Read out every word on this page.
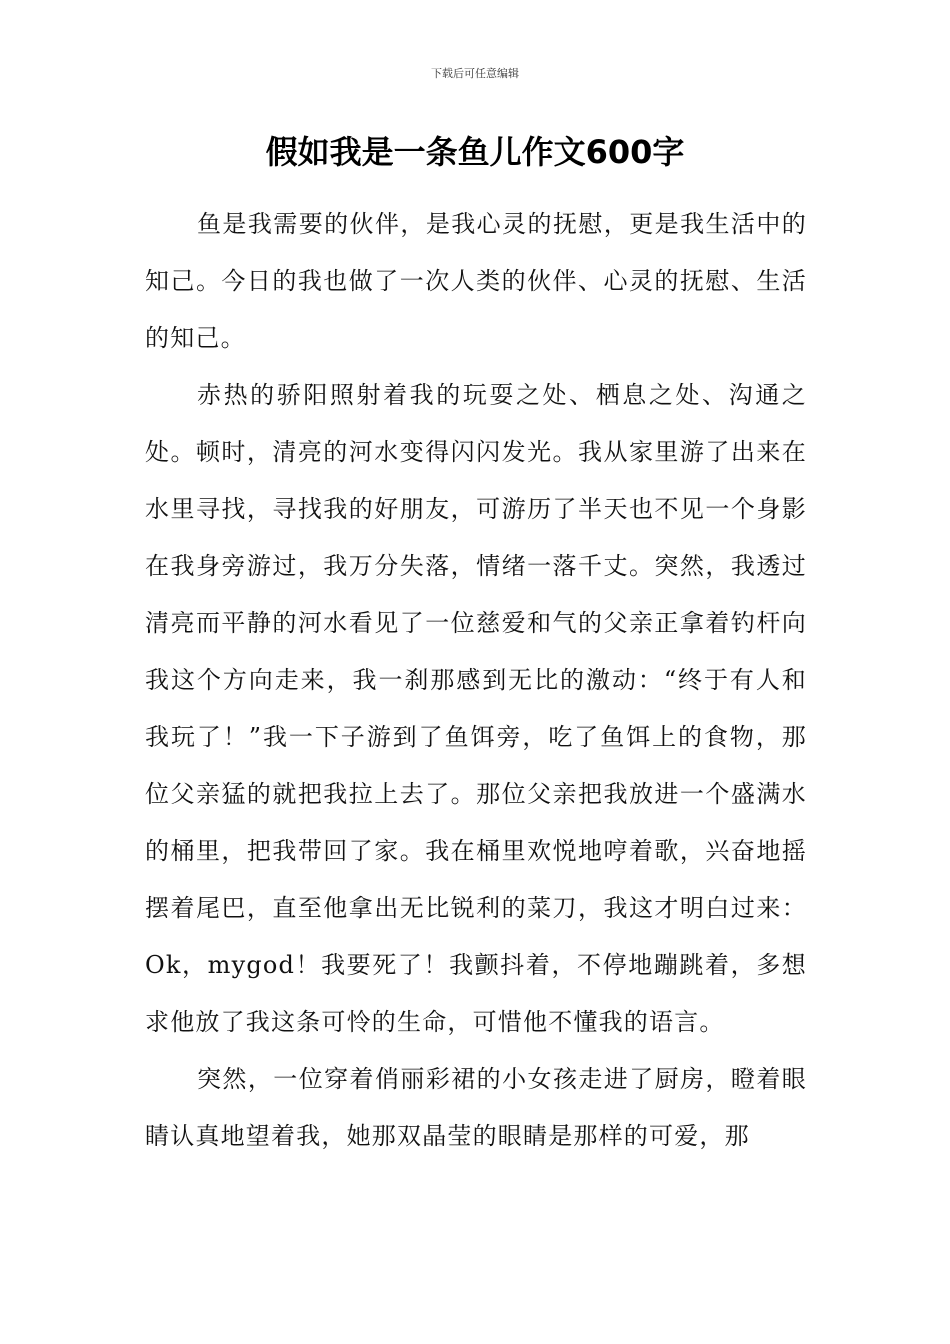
下载后可任意编辑
假如我是一条鱼儿作文600字

鱼是我需要的伙伴，是我心灵的抚慰，更是我生活中的知己。今日的我也做了一次人类的伙伴、心灵的抚慰、生活的知己。

赤热的骄阳照射着我的玩耍之处、栖息之处、沟通之处。顿时，清亮的河水变得闪闪发光。我从家里游了出来在水里寻找，寻找我的好朋友，可游历了半天也不见一个身影在我身旁游过，我万分失落，情绪一落千丈。突然，我透过清亮而平静的河水看见了一位慈爱和气的父亲正拿着钓杆向我这个方向走来，我一刹那感到无比的激动：“终于有人和我玩了！”我一下子游到了鱼饵旁，吃了鱼饵上的食物，那位父亲猛的就把我拉上去了。那位父亲把我放进一个盛满水的桶里，把我带回了家。我在桶里欢悦地哼着歌，兴奋地摇摆着尾巴，直至他拿出无比锐利的菜刀，我这才明白过来：Ok，mygod！我要死了！我颤抖着，不停地蹦跳着，多想求他放了我这条可怜的生命，可惜他不懂我的语言。

突然，一位穿着俏丽彩裙的小女孩走进了厨房，瞪着眼睛认真地望着我，她那双晶莹的眼睛是那样的可爱，那
